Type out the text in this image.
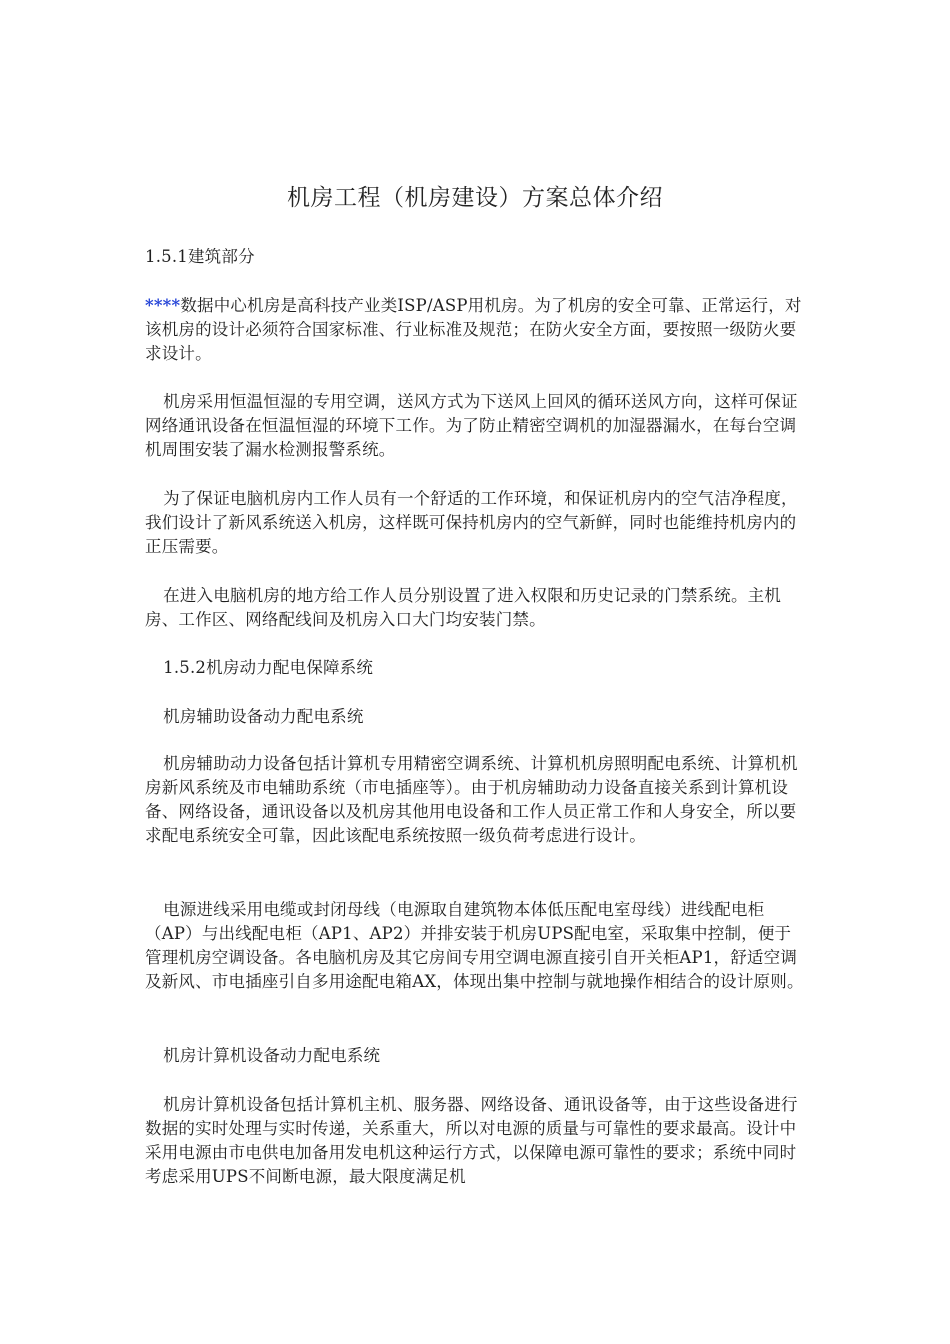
机房工程（机房建设）方案总体介绍
1.5.1建筑部分
****数据中心机房是高科技产业类ISP/ASP用机房。为了机房的安全可靠、正常运行，对该机房的设计必须符合国家标准、行业标准及规范；在防火安全方面，要按照一级防火要求设计。
机房采用恒温恒湿的专用空调，送风方式为下送风上回风的循环送风方向，这样可保证网络通讯设备在恒温恒湿的环境下工作。为了防止精密空调机的加湿器漏水，在每台空调机周围安装了漏水检测报警系统。
为了保证电脑机房内工作人员有一个舒适的工作环境，和保证机房内的空气洁净程度，我们设计了新风系统送入机房，这样既可保持机房内的空气新鲜，同时也能维持机房内的正压需要。
在进入电脑机房的地方给工作人员分别设置了进入权限和历史记录的门禁系统。主机房、工作区、网络配线间及机房入口大门均安装门禁。
1.5.2机房动力配电保障系统
机房辅助设备动力配电系统
机房辅助动力设备包括计算机专用精密空调系统、计算机机房照明配电系统、计算机机房新风系统及市电辅助系统（市电插座等）。由于机房辅助动力设备直接关系到计算机设备、网络设备，通讯设备以及机房其他用电设备和工作人员正常工作和人身安全，所以要求配电系统安全可靠，因此该配电系统按照一级负荷考虑进行设计。
电源进线采用电缆或封闭母线（电源取自建筑物本体低压配电室母线）进线配电柜（AP）与出线配电柜（AP1、AP2）并排安装于机房UPS配电室，采取集中控制，便于管理机房空调设备。各电脑机房及其它房间专用空调电源直接引自开关柜AP1，舒适空调及新风、市电插座引自多用途配电箱AX，体现出集中控制与就地操作相结合的设计原则。
机房计算机设备动力配电系统
机房计算机设备包括计算机主机、服务器、网络设备、通讯设备等，由于这些设备进行数据的实时处理与实时传递，关系重大，所以对电源的质量与可靠性的要求最高。设计中采用电源由市电供电加备用发电机这种运行方式，以保障电源可靠性的要求；系统中同时考虑采用UPS不间断电源，最大限度满足机
